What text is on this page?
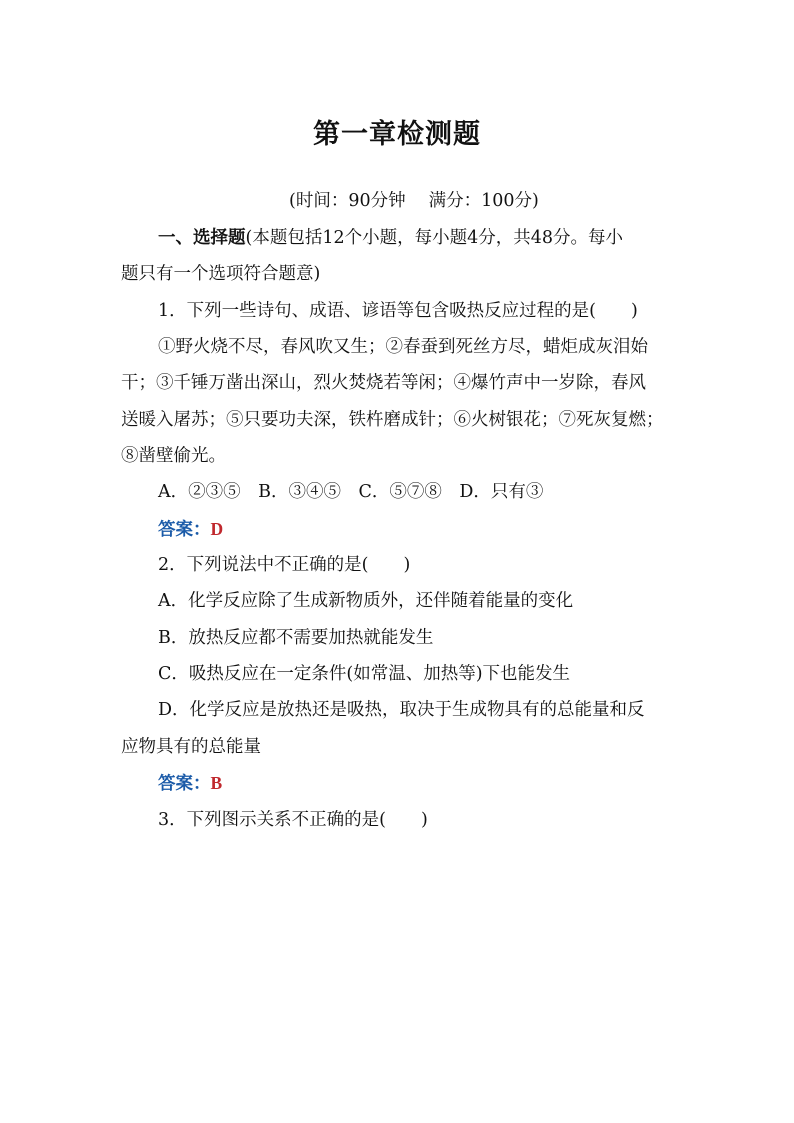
第一章检测题
(时间：90分钟　 满分：100分)
一、选择题(本题包括12个小题，每小题4分，共48分。每小
题只有一个选项符合题意)
1．下列一些诗句、成语、谚语等包含吸热反应过程的是(　　)
①野火烧不尽，春风吹又生；②春蚕到死丝方尽，蜡炬成灰泪始
干；③千锤万凿出深山，烈火焚烧若等闲；④爆竹声中一岁除，春风
送暖入屠苏；⑤只要功夫深，铁杵磨成针；⑥火树银花；⑦死灰复燃；
⑧凿壁偷光。
A．②③⑤　B．③④⑤　C．⑤⑦⑧　D．只有③
答案：D
2．下列说法中不正确的是(　　)
A．化学反应除了生成新物质外，还伴随着能量的变化
B．放热反应都不需要加热就能发生
C．吸热反应在一定条件(如常温、加热等)下也能发生
D．化学反应是放热还是吸热，取决于生成物具有的总能量和反
应物具有的总能量
答案：B
3．下列图示关系不正确的是(　　)
